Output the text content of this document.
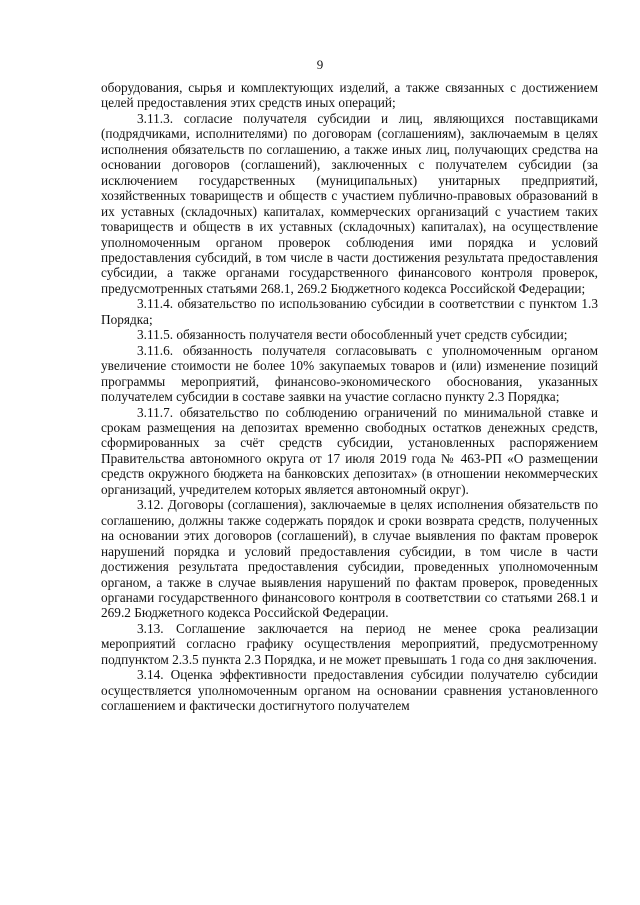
9

оборудования, сырья и комплектующих изделий, а также связанных с достижением целей предоставления этих средств иных операций;

3.11.3. согласие получателя субсидии и лиц, являющихся поставщиками (подрядчиками, исполнителями) по договорам (соглашениям), заключаемым в целях исполнения обязательств по соглашению, а также иных лиц, получающих средства на основании договоров (соглашений), заключенных с получателем субсидии (за исключением государственных (муниципальных) унитарных предприятий, хозяйственных товариществ и обществ с участием публично-правовых образований в их уставных (складочных) капиталах, коммерческих организаций с участием таких товариществ и обществ в их уставных (складочных) капиталах), на осуществление уполномоченным органом проверок соблюдения ими порядка и условий предоставления субсидий, в том числе в части достижения результата предоставления субсидии, а также органами государственного финансового контроля проверок, предусмотренных статьями 268.1, 269.2 Бюджетного кодекса Российской Федерации;

3.11.4. обязательство по использованию субсидии в соответствии с пунктом 1.3 Порядка;

3.11.5. обязанность получателя вести обособленный учет средств субсидии;

3.11.6. обязанность получателя согласовывать с уполномоченным органом увеличение стоимости не более 10% закупаемых товаров и (или) изменение позиций программы мероприятий, финансово-экономического обоснования, указанных получателем субсидии в составе заявки на участие согласно пункту 2.3 Порядка;

3.11.7. обязательство по соблюдению ограничений по минимальной ставке и срокам размещения на депозитах временно свободных остатков денежных средств, сформированных за счёт средств субсидии, установленных распоряжением Правительства автономного округа от 17 июля 2019 года № 463-РП «О размещении средств окружного бюджета на банковских депозитах» (в отношении некоммерческих организаций, учредителем которых является автономный округ).

3.12. Договоры (соглашения), заключаемые в целях исполнения обязательств по соглашению, должны также содержать порядок и сроки возврата средств, полученных на основании этих договоров (соглашений), в случае выявления по фактам проверок нарушений порядка и условий предоставления субсидии, в том числе в части достижения результата предоставления субсидии, проведенных уполномоченным органом, а также в случае выявления нарушений по фактам проверок, проведенных органами государственного финансового контроля в соответствии со статьями 268.1 и 269.2 Бюджетного кодекса Российской Федерации.

3.13. Соглашение заключается на период не менее срока реализации мероприятий согласно графику осуществления мероприятий, предусмотренному подпунктом 2.3.5 пункта 2.3 Порядка, и не может превышать 1 года со дня заключения.

3.14. Оценка эффективности предоставления субсидии получателю субсидии осуществляется уполномоченным органом на основании сравнения установленного соглашением и фактически достигнутого получателем
